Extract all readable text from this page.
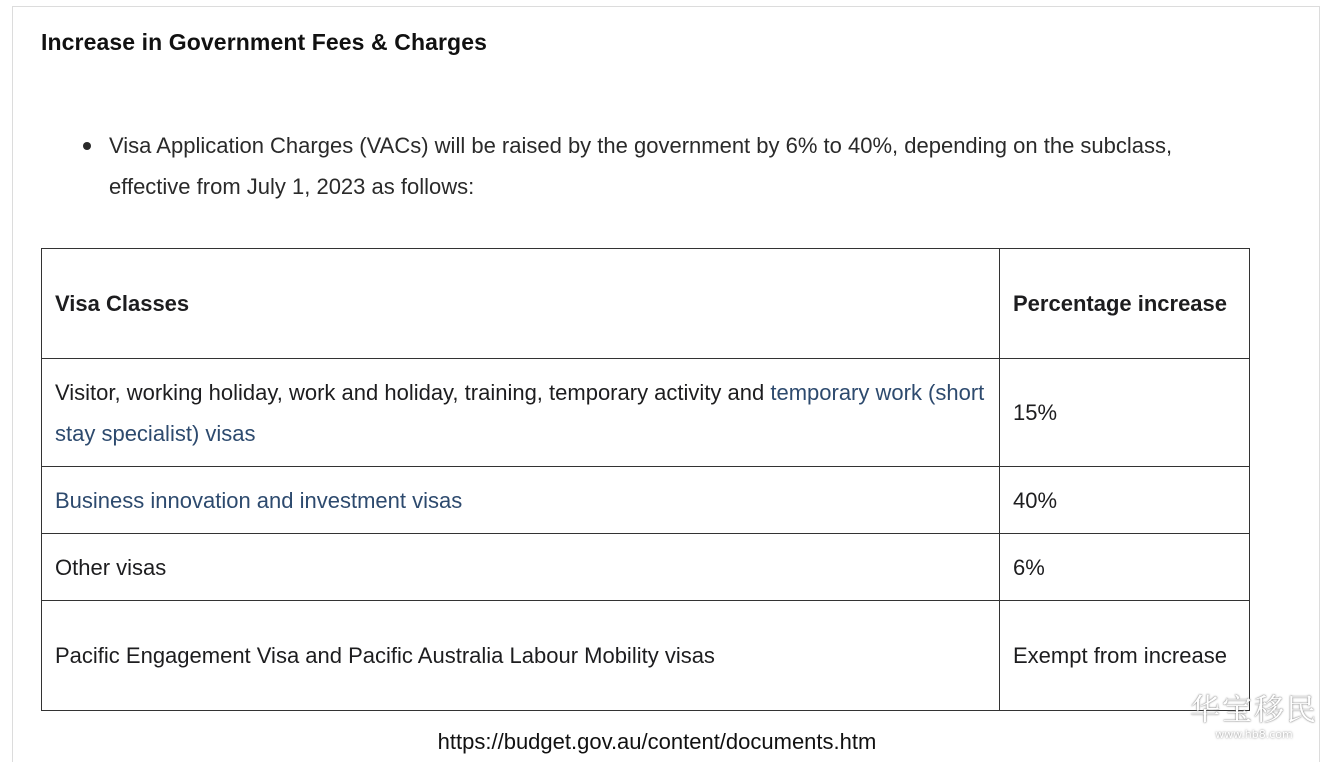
Increase in Government Fees & Charges
Visa Application Charges (VACs) will be raised by the government by 6% to 40%, depending on the subclass, effective from July 1, 2023 as follows:
Visa Classes	Percentage increase
Visitor, working holiday, work and holiday, training, temporary activity and temporary work (short stay specialist) visas	15%
Business innovation and investment visas	40%
Other visas	6%
Pacific Engagement Visa and Pacific Australia Labour Mobility visas	Exempt from increase
https://budget.gov.au/content/documents.htm
华宝移民
www.hb8.com
